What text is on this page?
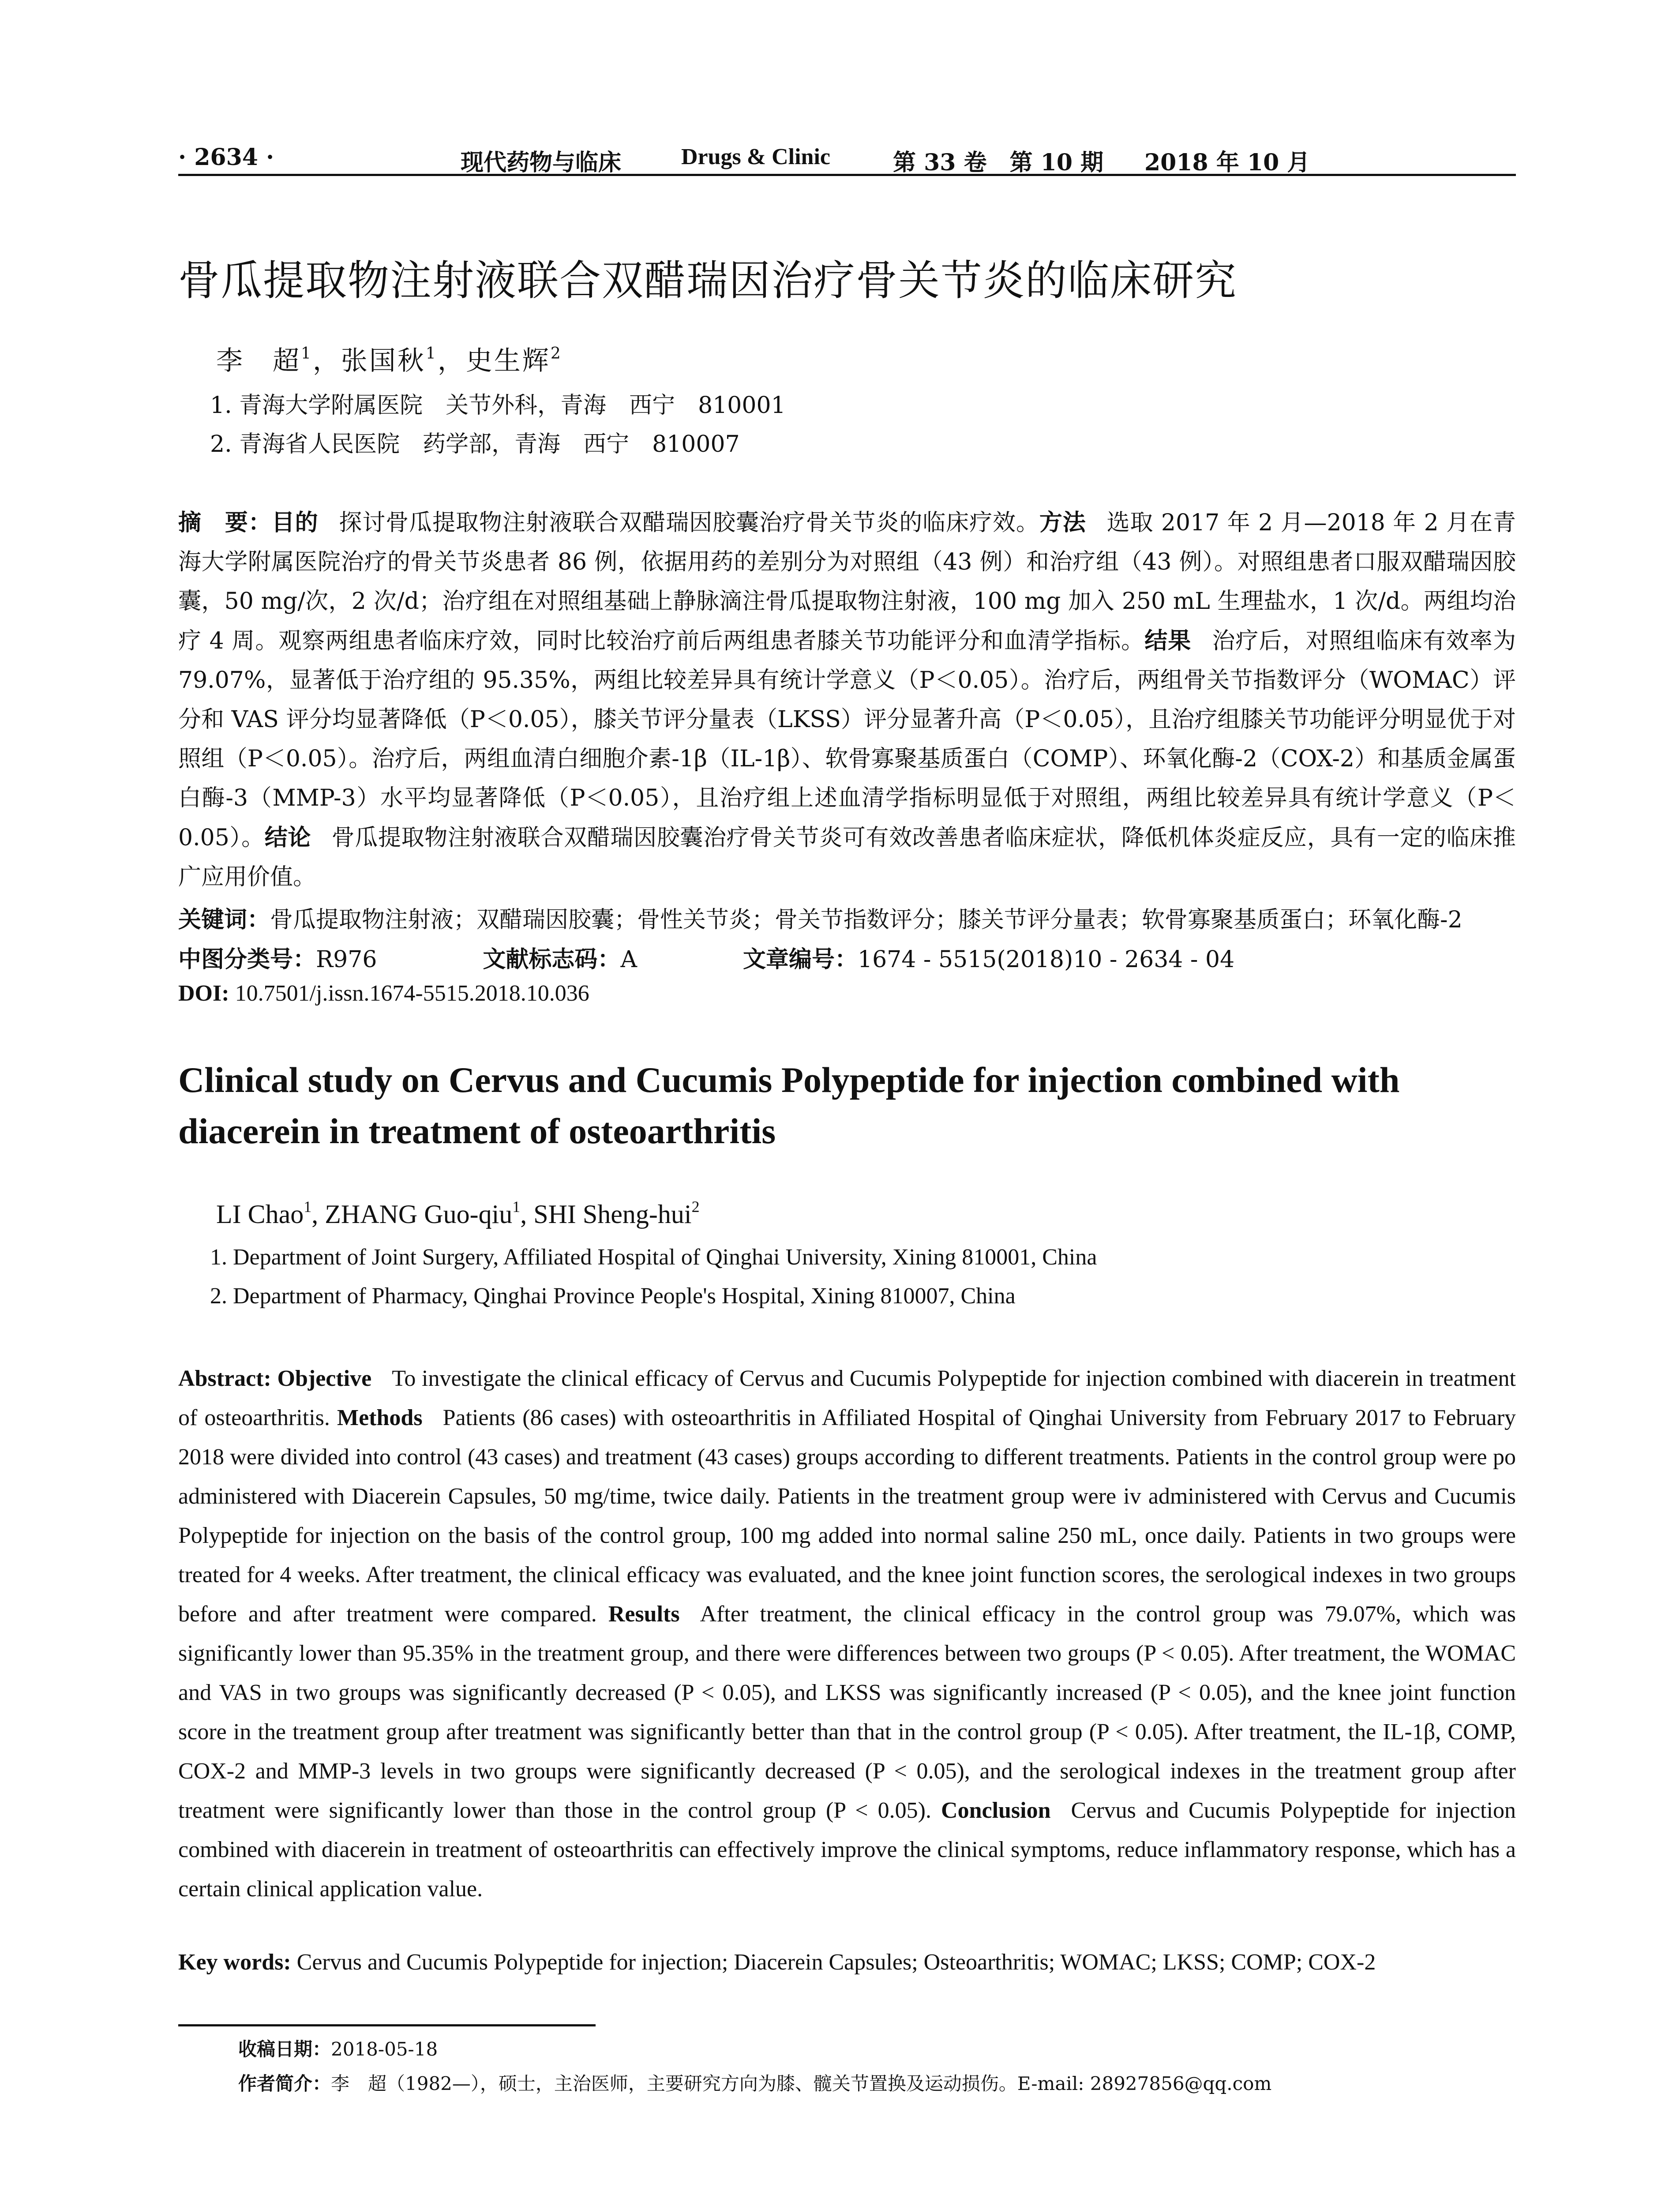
· 2634 ·	现代药物与临床	Drugs & Clinic	第 33 卷　第 10 期 2018 年 10 月
骨瓜提取物注射液联合双醋瑞因治疗骨关节炎的临床研究
李　超$^1$，张国秋$^1$，史生辉$^2$
1. 青海大学附属医院　关节外科，青海　西宁　810001
2. 青海省人民医院　药学部，青海　西宁　810007
摘　要：目的 探讨骨瓜提取物注射液联合双醋瑞因胶囊治疗骨关节炎的临床疗效。方法 选取 2017 年 2 月—2018 年 2 月在青海大学附属医院治疗的骨关节炎患者 86 例，依据用药的差别分为对照组（43 例）和治疗组（43 例）。对照组患者口服双醋瑞因胶囊，50 mg/次，2 次/d；治疗组在对照组基础上静脉滴注骨瓜提取物注射液，100 mg 加入 250 mL 生理盐水，1 次/d。两组均治疗 4 周。观察两组患者临床疗效，同时比较治疗前后两组患者膝关节功能评分和血清学指标。结果 治疗后，对照组临床有效率为 79.07%，显著低于治疗组的 95.35%，两组比较差异具有统计学意义（P＜0.05）。治疗后，两组骨关节指数评分（WOMAC）评分和 VAS 评分均显著降低（P＜0.05），膝关节评分量表（LKSS）评分显著升高（P＜0.05），且治疗组膝关节功能评分明显优于对照组（P＜0.05）。治疗后，两组血清白细胞介素-1β（IL-1β）、软骨寡聚基质蛋白（COMP）、环氧化酶-2（COX-2）和基质金属蛋白酶-3（MMP-3）水平均显著降低（P＜0.05），且治疗组上述血清学指标明显低于对照组，两组比较差异具有统计学意义（P＜0.05）。结论 骨瓜提取物注射液联合双醋瑞因胶囊治疗骨关节炎可有效改善患者临床症状，降低机体炎症反应，具有一定的临床推广应用价值。
关键词：骨瓜提取物注射液；双醋瑞因胶囊；骨性关节炎；骨关节指数评分；膝关节评分量表；软骨寡聚基质蛋白；环氧化酶-2
中图分类号：R976	文献标志码：A	文章编号：1674 - 5515(2018)10 - 2634 - 04
DOI: 10.7501/j.issn.1674-5515.2018.10.036
Clinical study on Cervus and Cucumis Polypeptide for injection combined with diacerein in treatment of osteoarthritis
LI Chao$^1$, ZHANG Guo-qiu$^1$, SHI Sheng-hui$^2$
1. Department of Joint Surgery, Affiliated Hospital of Qinghai University, Xining 810001, China
2. Department of Pharmacy, Qinghai Province People's Hospital, Xining 810007, China
Abstract: Objective To investigate the clinical efficacy of Cervus and Cucumis Polypeptide for injection combined with diacerein in treatment of osteoarthritis. Methods Patients (86 cases) with osteoarthritis in Affiliated Hospital of Qinghai University from February 2017 to February 2018 were divided into control (43 cases) and treatment (43 cases) groups according to different treatments. Patients in the control group were po administered with Diacerein Capsules, 50 mg/time, twice daily. Patients in the treatment group were iv administered with Cervus and Cucumis Polypeptide for injection on the basis of the control group, 100 mg added into normal saline 250 mL, once daily. Patients in two groups were treated for 4 weeks. After treatment, the clinical efficacy was evaluated, and the knee joint function scores, the serological indexes in two groups before and after treatment were compared. Results After treatment, the clinical efficacy in the control group was 79.07%, which was significantly lower than 95.35% in the treatment group, and there were differences between two groups (P < 0.05). After treatment, the WOMAC and VAS in two groups was significantly decreased (P < 0.05), and LKSS was significantly increased (P < 0.05), and the knee joint function score in the treatment group after treatment was significantly better than that in the control group (P < 0.05). After treatment, the IL-1β, COMP, COX-2 and MMP-3 levels in two groups were significantly decreased (P < 0.05), and the serological indexes in the treatment group after treatment were significantly lower than those in the control group (P < 0.05). Conclusion Cervus and Cucumis Polypeptide for injection combined with diacerein in treatment of osteoarthritis can effectively improve the clinical symptoms, reduce inflammatory response, which has a certain clinical application value.
Key words: Cervus and Cucumis Polypeptide for injection; Diacerein Capsules; Osteoarthritis; WOMAC; LKSS; COMP; COX-2
收稿日期：2018-05-18
作者简介：李　超（1982—），硕士，主治医师，主要研究方向为膝、髋关节置换及运动损伤。E-mail: 28927856@qq.com
